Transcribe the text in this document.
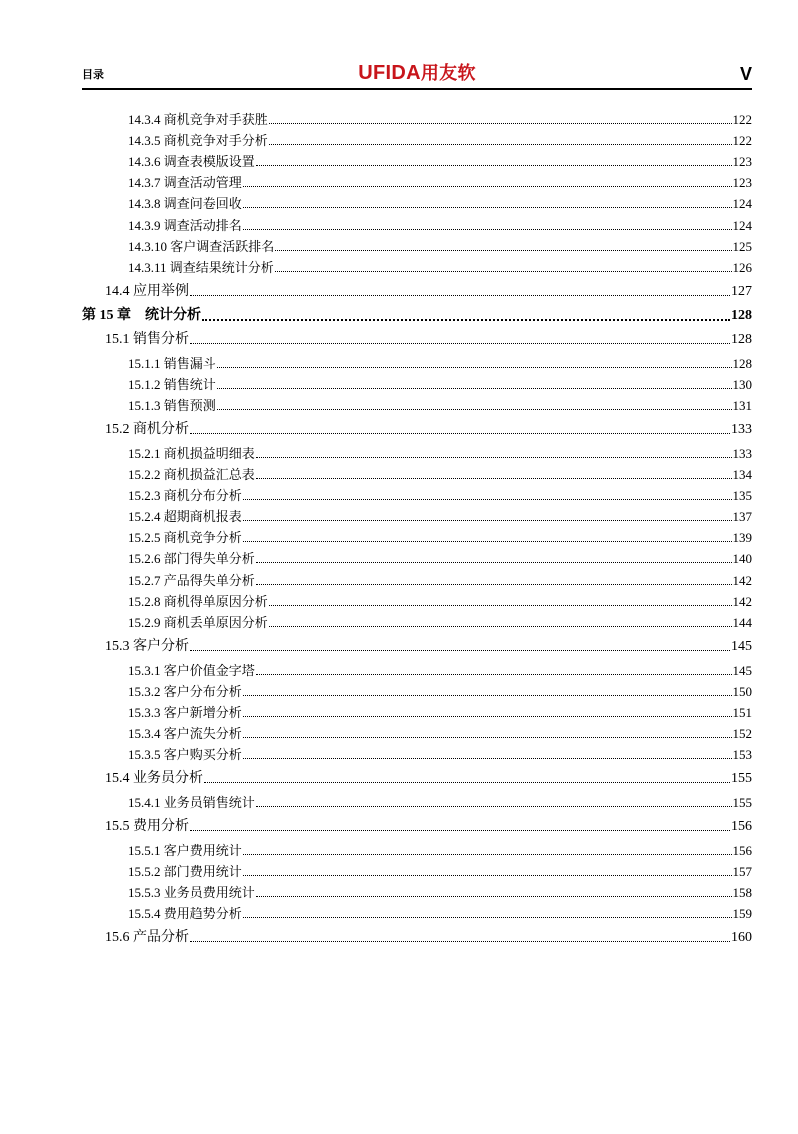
目录	UFIDA用友软	V
14.3.4 商机竞争对手获胜	122
14.3.5 商机竞争对手分析	122
14.3.6 调查表模版设置	123
14.3.7 调查活动管理	123
14.3.8 调查问卷回收	124
14.3.9 调查活动排名	124
14.3.10 客户调查活跃排名	125
14.3.11 调查结果统计分析	126
14.4 应用举例	127
第 15 章　统计分析	128
15.1 销售分析	128
15.1.1 销售漏斗	128
15.1.2 销售统计	130
15.1.3 销售预测	131
15.2 商机分析	133
15.2.1 商机损益明细表	133
15.2.2 商机损益汇总表	134
15.2.3 商机分布分析	135
15.2.4 超期商机报表	137
15.2.5 商机竞争分析	139
15.2.6 部门得失单分析	140
15.2.7 产品得失单分析	142
15.2.8 商机得单原因分析	142
15.2.9 商机丢单原因分析	144
15.3 客户分析	145
15.3.1 客户价值金字塔	145
15.3.2 客户分布分析	150
15.3.3 客户新增分析	151
15.3.4 客户流失分析	152
15.3.5 客户购买分析	153
15.4 业务员分析	155
15.4.1 业务员销售统计	155
15.5 费用分析	156
15.5.1 客户费用统计	156
15.5.2 部门费用统计	157
15.5.3 业务员费用统计	158
15.5.4 费用趋势分析	159
15.6 产品分析	160
